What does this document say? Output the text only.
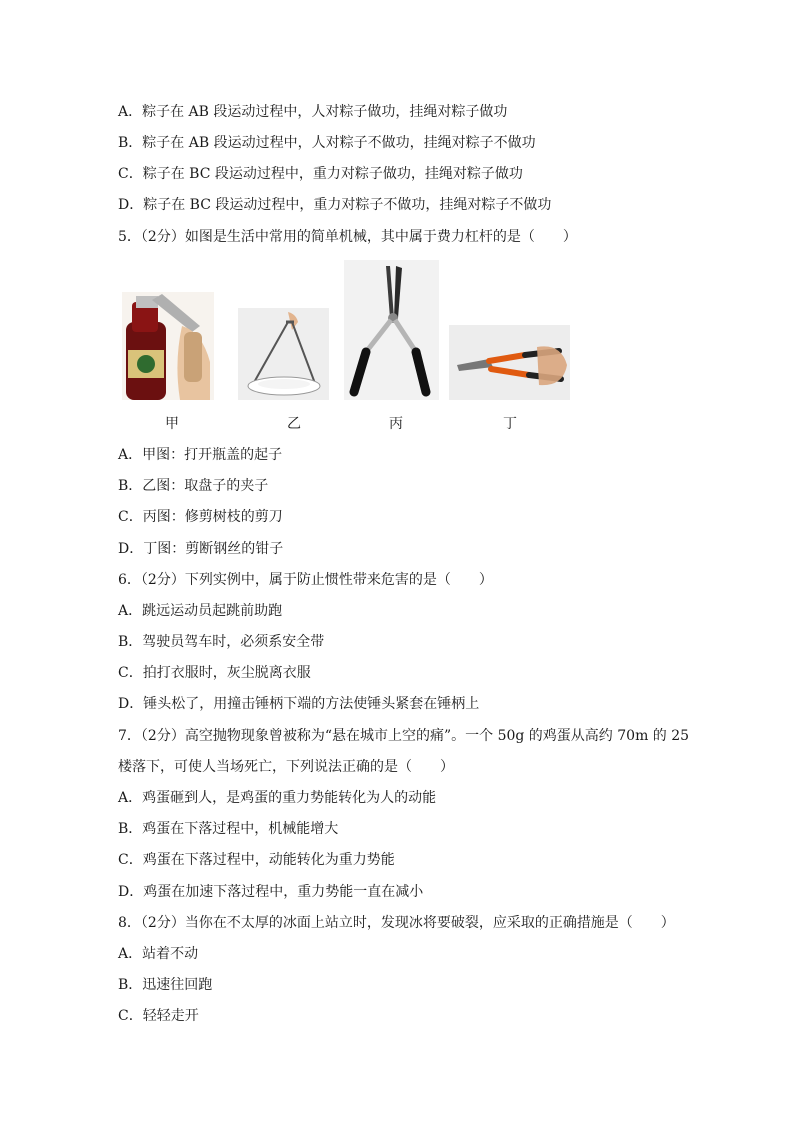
A．粽子在 AB 段运动过程中，人对粽子做功，挂绳对粽子做功
B．粽子在 AB 段运动过程中，人对粽子不做功，挂绳对粽子不做功
C．粽子在 BC 段运动过程中，重力对粽子做功，挂绳对粽子做功
D．粽子在 BC 段运动过程中，重力对粽子不做功，挂绳对粽子不做功
5．（2分）如图是生活中常用的简单机械，其中属于费力杠杆的是（　　）
甲	乙	丙	丁
A．甲图：打开瓶盖的起子
B．乙图：取盘子的夹子
C．丙图：修剪树枝的剪刀
D．丁图：剪断钢丝的钳子
6．（2分）下列实例中，属于防止惯性带来危害的是（　　）
A．跳远运动员起跳前助跑
B．驾驶员驾车时，必须系安全带
C．拍打衣服时，灰尘脱离衣服
D．锤头松了，用撞击锤柄下端的方法使锤头紧套在锤柄上
7．（2分）高空抛物现象曾被称为“悬在城市上空的痛”。一个 50g 的鸡蛋从高约 70m 的 25
楼落下，可使人当场死亡，下列说法正确的是（　　）
A．鸡蛋砸到人，是鸡蛋的重力势能转化为人的动能
B．鸡蛋在下落过程中，机械能增大
C．鸡蛋在下落过程中，动能转化为重力势能
D．鸡蛋在加速下落过程中，重力势能一直在减小
8．（2分）当你在不太厚的冰面上站立时，发现冰将要破裂，应采取的正确措施是（　　）
A．站着不动
B．迅速往回跑
C．轻轻走开
